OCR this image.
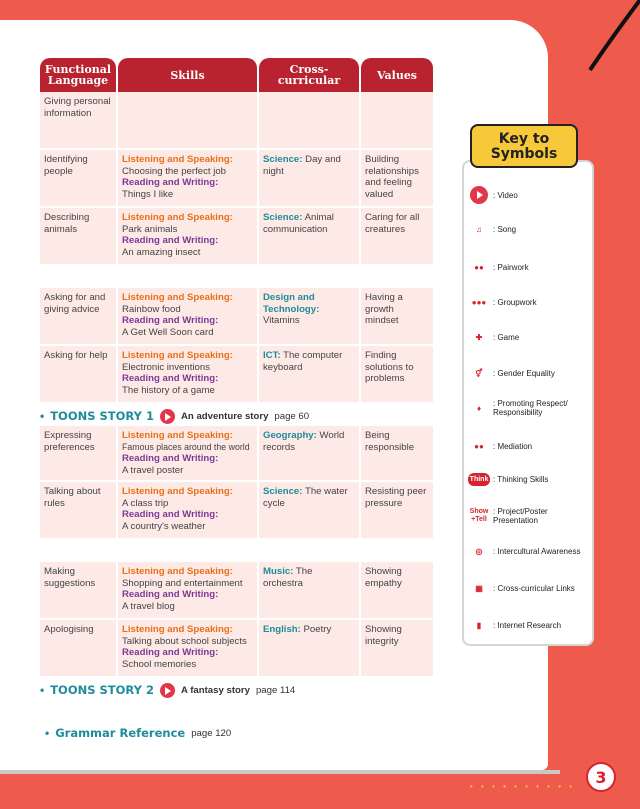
Functional Language	Skills	Cross-curricular	Values

Giving personal information			
Identifying people	Listening and Speaking:
Choosing the perfect job
Reading and Writing:
Things I like	Science: Day and night	Building relationships and feeling valued
Describing animals	Listening and Speaking:
Park animals
Reading and Writing:
An amazing insect	Science: Animal communication	Caring for all creatures

Asking for and giving advice	Listening and Speaking:
Rainbow food
Reading and Writing:
A Get Well Soon card	Design and Technology: Vitamins	Having a growth mindset
Asking for help	Listening and Speaking:
Electronic inventions
Reading and Writing:
The history of a game	ICT: The computer keyboard	Finding solutions to problems

• TOONS STORY 1 An adventure story page 60			

Expressing preferences	Listening and Speaking:
Famous places around the world
Reading and Writing:
A travel poster	Geography: World records	Being responsible
Talking about rules	Listening and Speaking:
A class trip
Reading and Writing:
A country's weather	Science: The water cycle	Resisting peer pressure

Making suggestions	Listening and Speaking:
Shopping and entertainment
Reading and Writing:
A travel blog	Music: The orchestra	Showing empathy
Apologising	Listening and Speaking:
Talking about school subjects
Reading and Writing:
School memories	English: Poetry	Showing integrity

• TOONS STORY 2 A fantasy story page 114			
• Grammar Reference page 120
Key to Symbols
: Video
♫	: Song
●●	: Pairwork
●●● : Groupwork
✚	: Game
⚥	: Gender Equality
♦	: Promoting Respect/ Responsibility
●●	: Mediation
Think : Thinking Skills
Show
+Tell
: Project/Poster Presentation
◎	: Intercultural Awareness
▦	: Cross-curricular Links
▮	: Internet Research
• • • • • • • • • •	3
